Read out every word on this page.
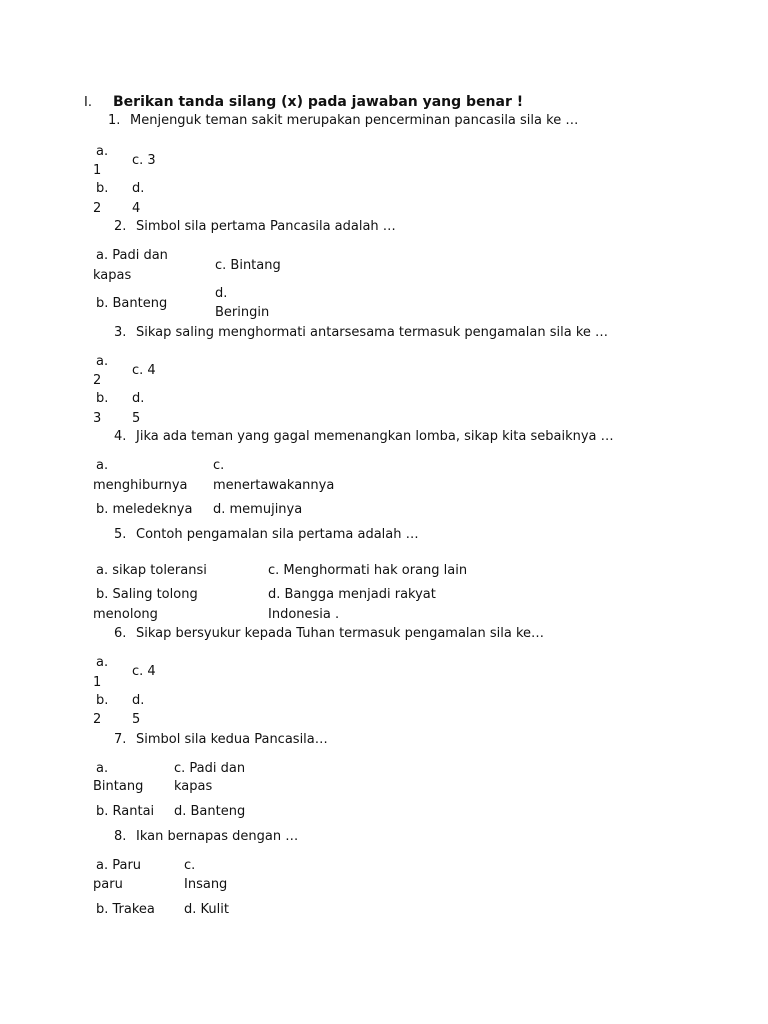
I. Berikan tanda silang (x) pada jawaban yang benar !
1. Menjenguk teman sakit merupakan pencerminan pancasila sila ke …
a.
1
c. 3
b.
2
d.
4
2. Simbol sila pertama Pancasila adalah …
a. Padi dan
kapas
c. Bintang
b. Banteng
d.
Beringin
3. Sikap saling menghormati antarsesama termasuk pengamalan sila ke …
a.
2
c. 4
b.
3
d.
5
4. Jika ada teman yang gagal memenangkan lomba, sikap kita sebaiknya …
a.
menghiburnya
c.
menertawakannya
b. meledeknya d. memujinya
5. Contoh pengamalan sila pertama adalah …
a. sikap toleransi	c. Menghormati hak orang lain
b. Saling tolong
menolong
d. Bangga menjadi rakyat
Indonesia .
6. Sikap bersyukur kepada Tuhan termasuk pengamalan sila ke…
a.
1
c. 4
b.
2
d.
5
7. Simbol sila kedua Pancasila…
a.
Bintang
c. Padi dan
kapas
b. Rantai d. Banteng
8. Ikan bernapas dengan …
a. Paru
paru
c.
Insang
b. Trakea d. Kulit
